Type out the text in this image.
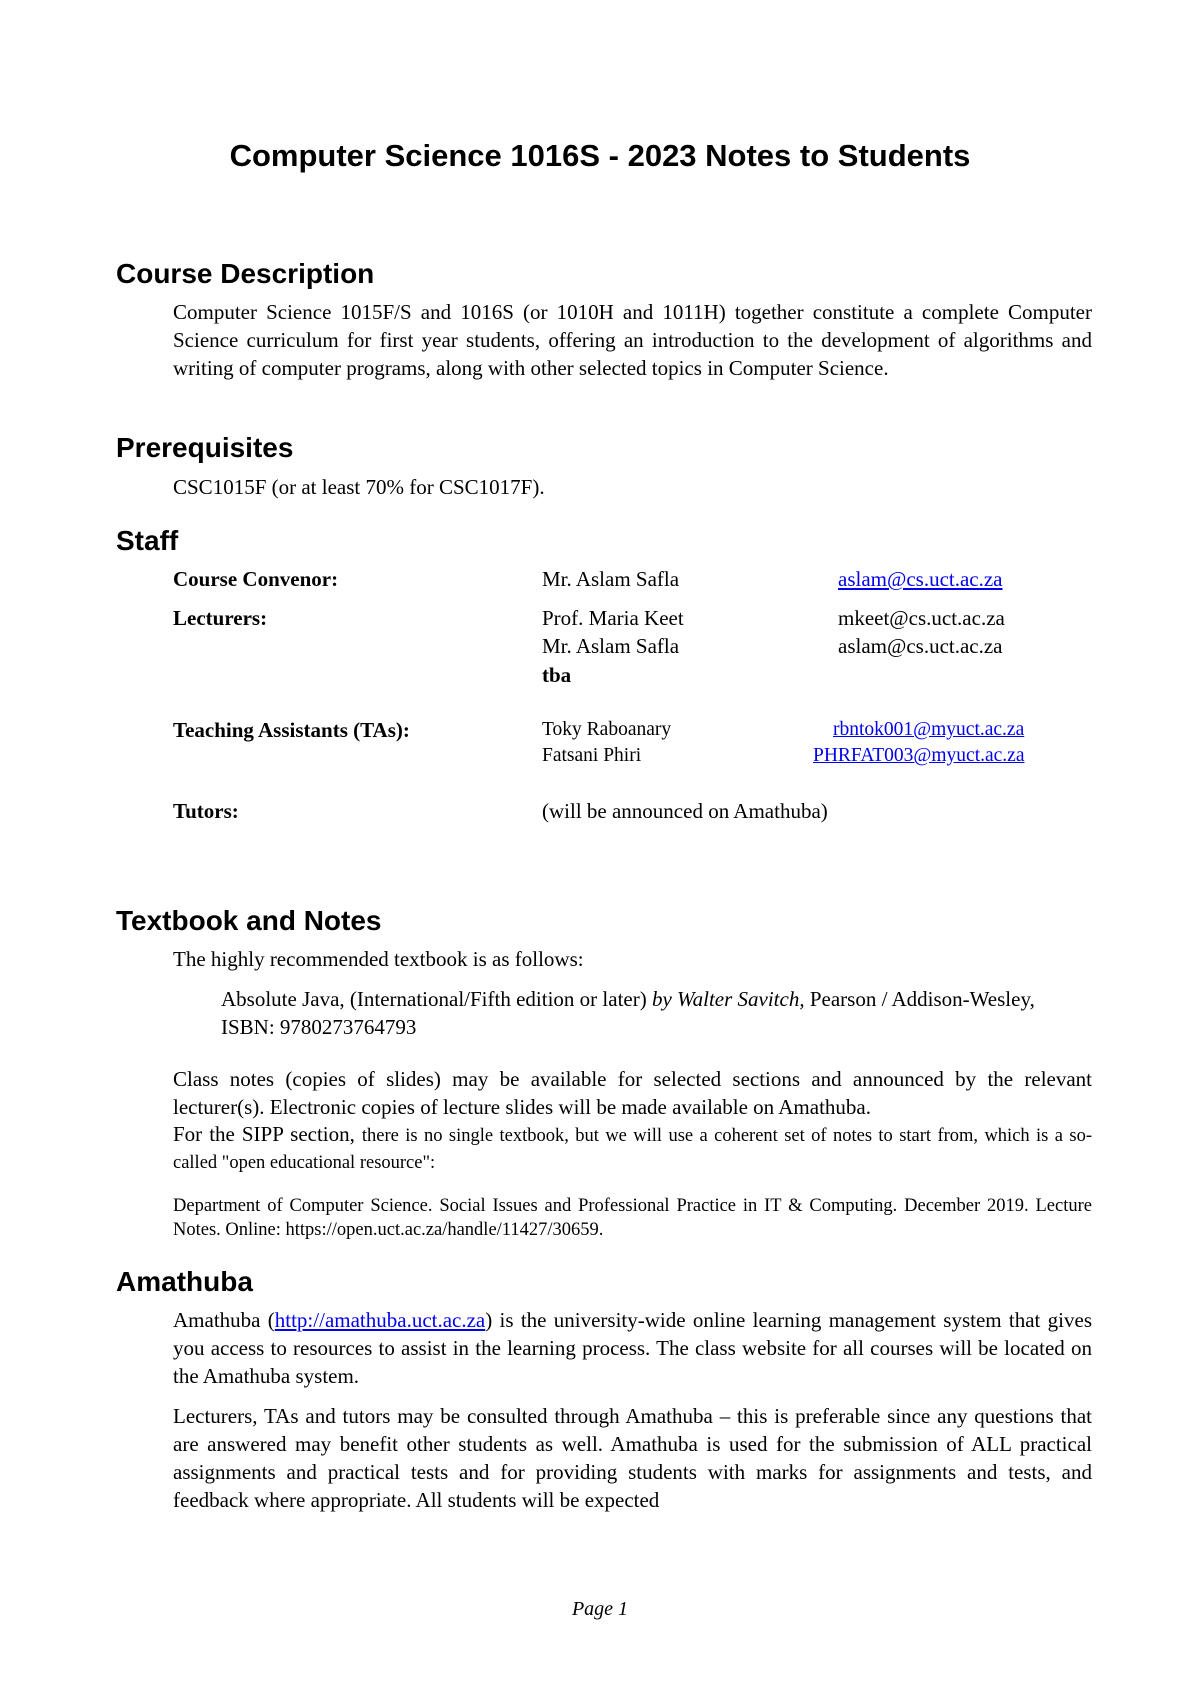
Computer Science 1016S - 2023 Notes to Students
Course Description

Computer Science 1015F/S and 1016S (or 1010H and 1011H) together constitute a complete Computer Science curriculum for first year students, offering an introduction to the development of algorithms and writing of computer programs, along with other selected topics in Computer Science.

Prerequisites

CSC1015F (or at least 70% for CSC1017F).

Staff
Course Convenor:	Mr. Aslam Safla	aslam@cs.uct.ac.za
Lecturers:	Prof. Maria Keet	mkeet@cs.uct.ac.za
Mr. Aslam Safla	aslam@cs.uct.ac.za
tba
Teaching Assistants (TAs):	Toky Raboanary	rbntok001@myuct.ac.za
Fatsani Phiri	PHRFAT003@myuct.ac.za
Tutors:	(will be announced on Amathuba)
Textbook and Notes

The highly recommended textbook is as follows:

Absolute Java, (International/Fifth edition or later) by Walter Savitch, Pearson / Addison-Wesley, ISBN: 9780273764793

Class notes (copies of slides) may be available for selected sections and announced by the relevant lecturer(s). Electronic copies of lecture slides will be made available on Amathuba.

For the SIPP section, there is no single textbook, but we will use a coherent set of notes to start from, which is a so-called "open educational resource":

Department of Computer Science. Social Issues and Professional Practice in IT & Computing. December 2019. Lecture Notes. Online: https://open.uct.ac.za/handle/11427/30659.

Amathuba

Amathuba (http://amathuba.uct.ac.za) is the university-wide online learning management system that gives you access to resources to assist in the learning process. The class website for all courses will be located on the Amathuba system.

Lecturers, TAs and tutors may be consulted through Amathuba – this is preferable since any questions that are answered may benefit other students as well. Amathuba is used for the submission of ALL practical assignments and practical tests and for providing students with marks for assignments and tests, and feedback where appropriate. All students will be expected

Page 1
